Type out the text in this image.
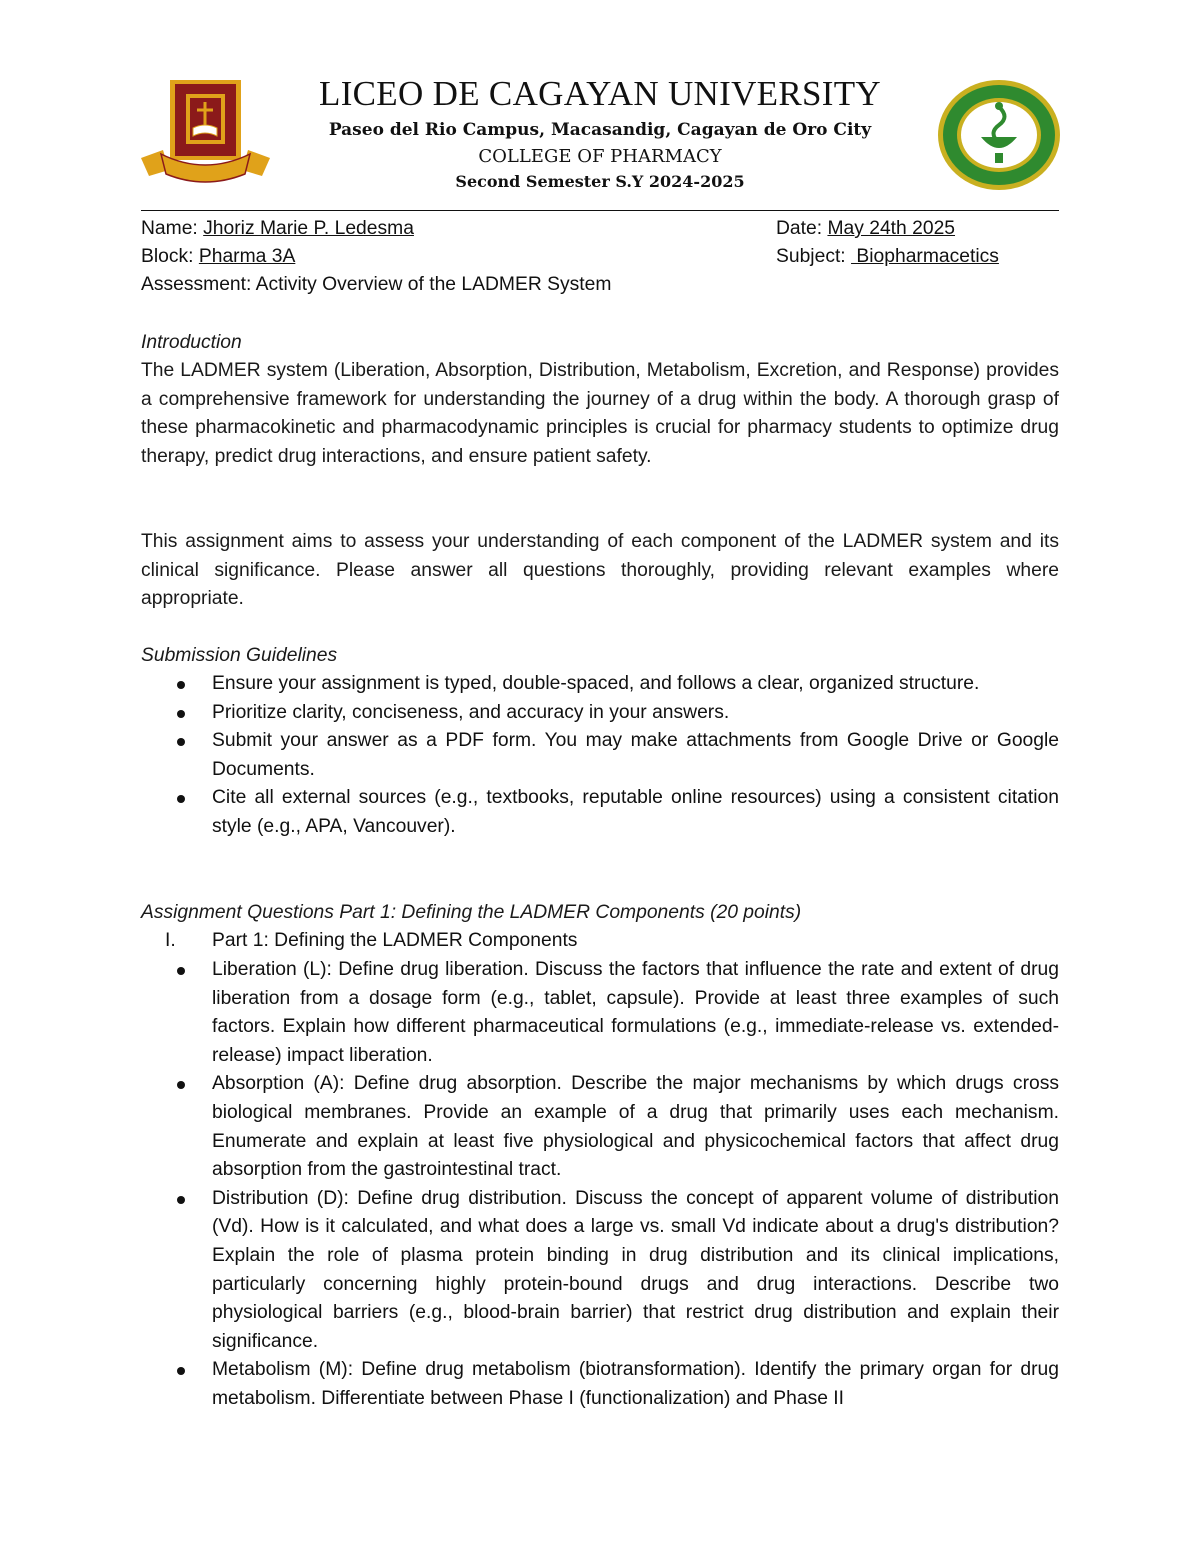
LICEO DE CAGAYAN UNIVERSITY
Paseo del Rio Campus, Macasandig, Cagayan de Oro City
COLLEGE OF PHARMACY
Second Semester S.Y 2024-2025
Name: Jhoriz Marie P. Ledesma	Date: May 24th 2025
Block: Pharma 3A	Subject:  Biopharmacetics
Assessment: Activity Overview of the LADMER System

Introduction

The LADMER system (Liberation, Absorption, Distribution, Metabolism, Excretion, and Response) provides a comprehensive framework for understanding the journey of a drug within the body. A thorough grasp of these pharmacokinetic and pharmacodynamic principles is crucial for pharmacy students to optimize drug therapy, predict drug interactions, and ensure patient safety.

This assignment aims to assess your understanding of each component of the LADMER system and its clinical significance. Please answer all questions thoroughly, providing relevant examples where appropriate.

Submission Guidelines

Ensure your assignment is typed, double-spaced, and follows a clear, organized structure.
Prioritize clarity, conciseness, and accuracy in your answers.
Submit your answer as a PDF form. You may make attachments from Google Drive or Google Documents.
Cite all external sources (e.g., textbooks, reputable online resources) using a consistent citation style (e.g., APA, Vancouver).

Assignment Questions Part 1: Defining the LADMER Components (20 points)

I. Part 1: Defining the LADMER Components
Liberation (L): Define drug liberation. Discuss the factors that influence the rate and extent of drug liberation from a dosage form (e.g., tablet, capsule). Provide at least three examples of such factors. Explain how different pharmaceutical formulations (e.g., immediate-release vs. extended-release) impact liberation.
Absorption (A): Define drug absorption. Describe the major mechanisms by which drugs cross biological membranes. Provide an example of a drug that primarily uses each mechanism. Enumerate and explain at least five physiological and physicochemical factors that affect drug absorption from the gastrointestinal tract.
Distribution (D): Define drug distribution. Discuss the concept of apparent volume of distribution (Vd). How is it calculated, and what does a large vs. small Vd indicate about a drug's distribution? Explain the role of plasma protein binding in drug distribution and its clinical implications, particularly concerning highly protein-bound drugs and drug interactions. Describe two physiological barriers (e.g., blood-brain barrier) that restrict drug distribution and explain their significance.
Metabolism (M): Define drug metabolism (biotransformation). Identify the primary organ for drug metabolism. Differentiate between Phase I (functionalization) and Phase II
